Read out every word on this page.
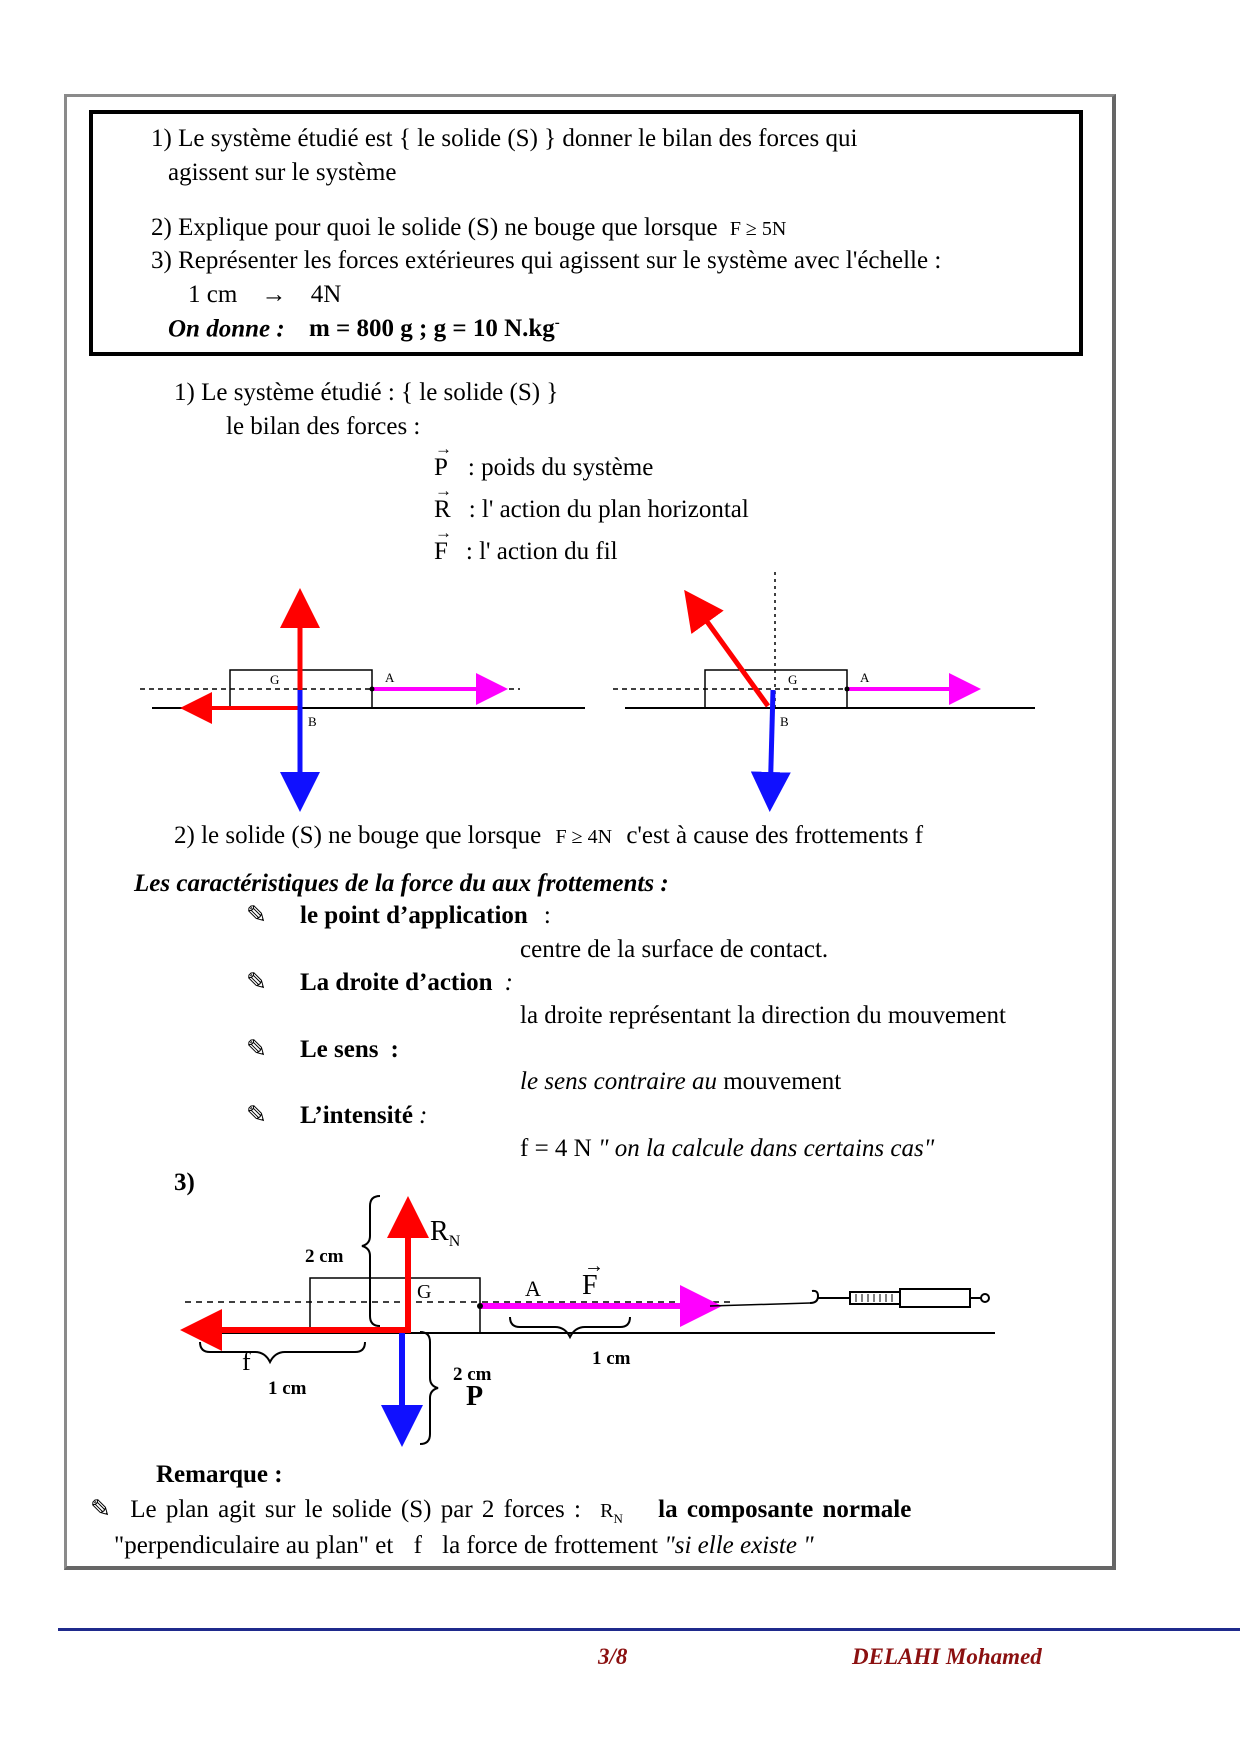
1) Le système étudié est { le solide (S) } donner le bilan des forces qui
agissent sur le système
2) Explique pour quoi le solide (S) ne bouge que lorsque F ≥ 5N
3) Représenter les forces extérieures qui agissent sur le système avec l'échelle :
1 cm → 4N
On donne : m = 800 g ; g = 10 N.kg-
1) Le système étudié : { le solide (S) }
le bilan des forces :
→ P : poids du système
→ R : l' action du plan horizontal
→ F : l' action du fil
G	A
B
G	A
B
2) le solide (S) ne bouge que lorsque F ≥ 4N c'est à cause des frottements f
Les caractéristiques de la force du aux frottements :
✎ le point d’application :
centre de la surface de contact.
✎ La droite d’action :
la droite représentant la direction du mouvement
✎ Le sens :
le sens contraire au mouvement
✎ L’intensité :
f = 4 N " on la calcule dans certains cas"
3)
$R_N$
2 cm
G	A F
→
f
1 cm
1 cm
2 cm
P
Remarque :
✎ Le plan agit sur le solide (S) par 2 forces : $R_N$ la composante normale
"perpendiculaire au plan" et f la force de frottement "si elle existe "
3/8	DELAHI Mohamed
